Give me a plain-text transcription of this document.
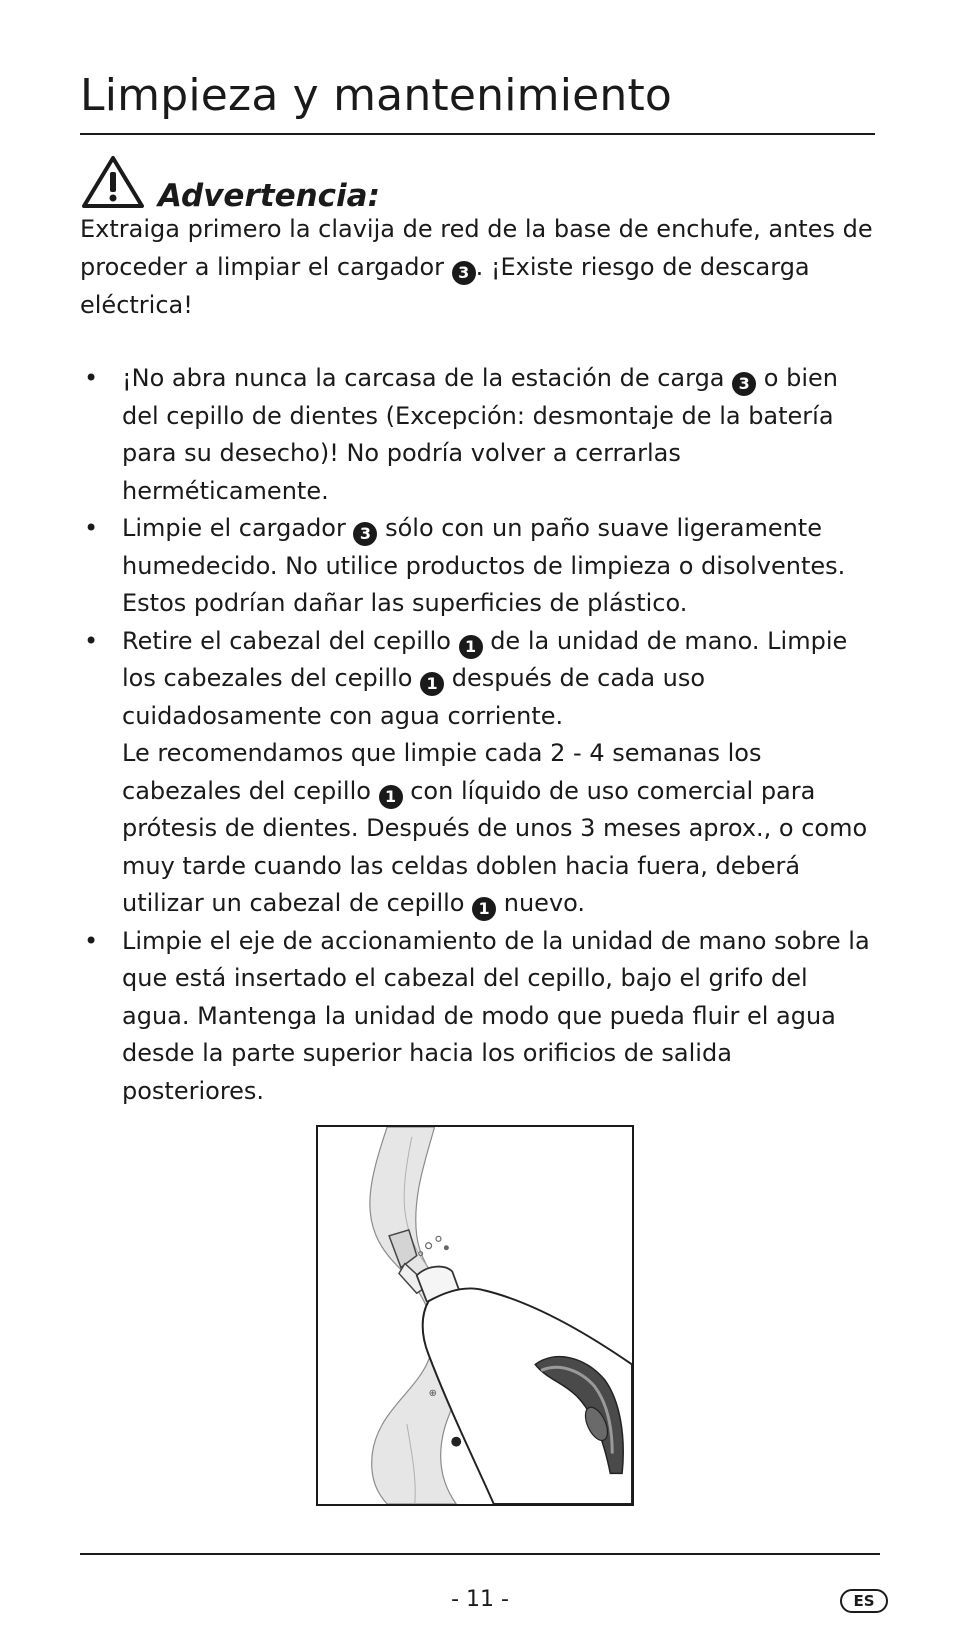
Limpieza y mantenimiento
Advertencia:

Extraiga primero la clavija de red de la base de enchufe, antes de proceder a limpiar el cargador 3 . ¡Existe riesgo de descarga eléctrica!

• ¡No abra nunca la carcasa de la estación de carga 3 o bien del cepillo de dientes (Excepción: desmontaje de la batería para su desecho)! No podría volver a cerrarlas herméticamente.
• Limpie el cargador 3 sólo con un paño suave ligeramente humedecido. No utilice productos de limpieza o disolventes. Estos podrían dañar las superficies de plástico.
• Retire el cabezal del cepillo 1 de la unidad de mano. Limpie los cabezales del cepillo 1 después de cada uso cuidadosamente con agua corriente.
Le recomendamos que limpie cada 2 - 4 semanas los cabezales del cepillo 1 con líquido de uso comercial para prótesis de dientes. Después de unos 3 meses aprox., o como muy tarde cuando las celdas doblen hacia fuera, deberá utilizar un cabezal de cepillo 1 nuevo.
• Limpie el eje de accionamiento de la unidad de mano sobre la que está insertado el cabezal del cepillo, bajo el grifo del agua. Mantenga la unidad de modo que pueda fluir el agua desde la parte superior hacia los orificios de salida posteriores.
⊕
- 11 -	ES
